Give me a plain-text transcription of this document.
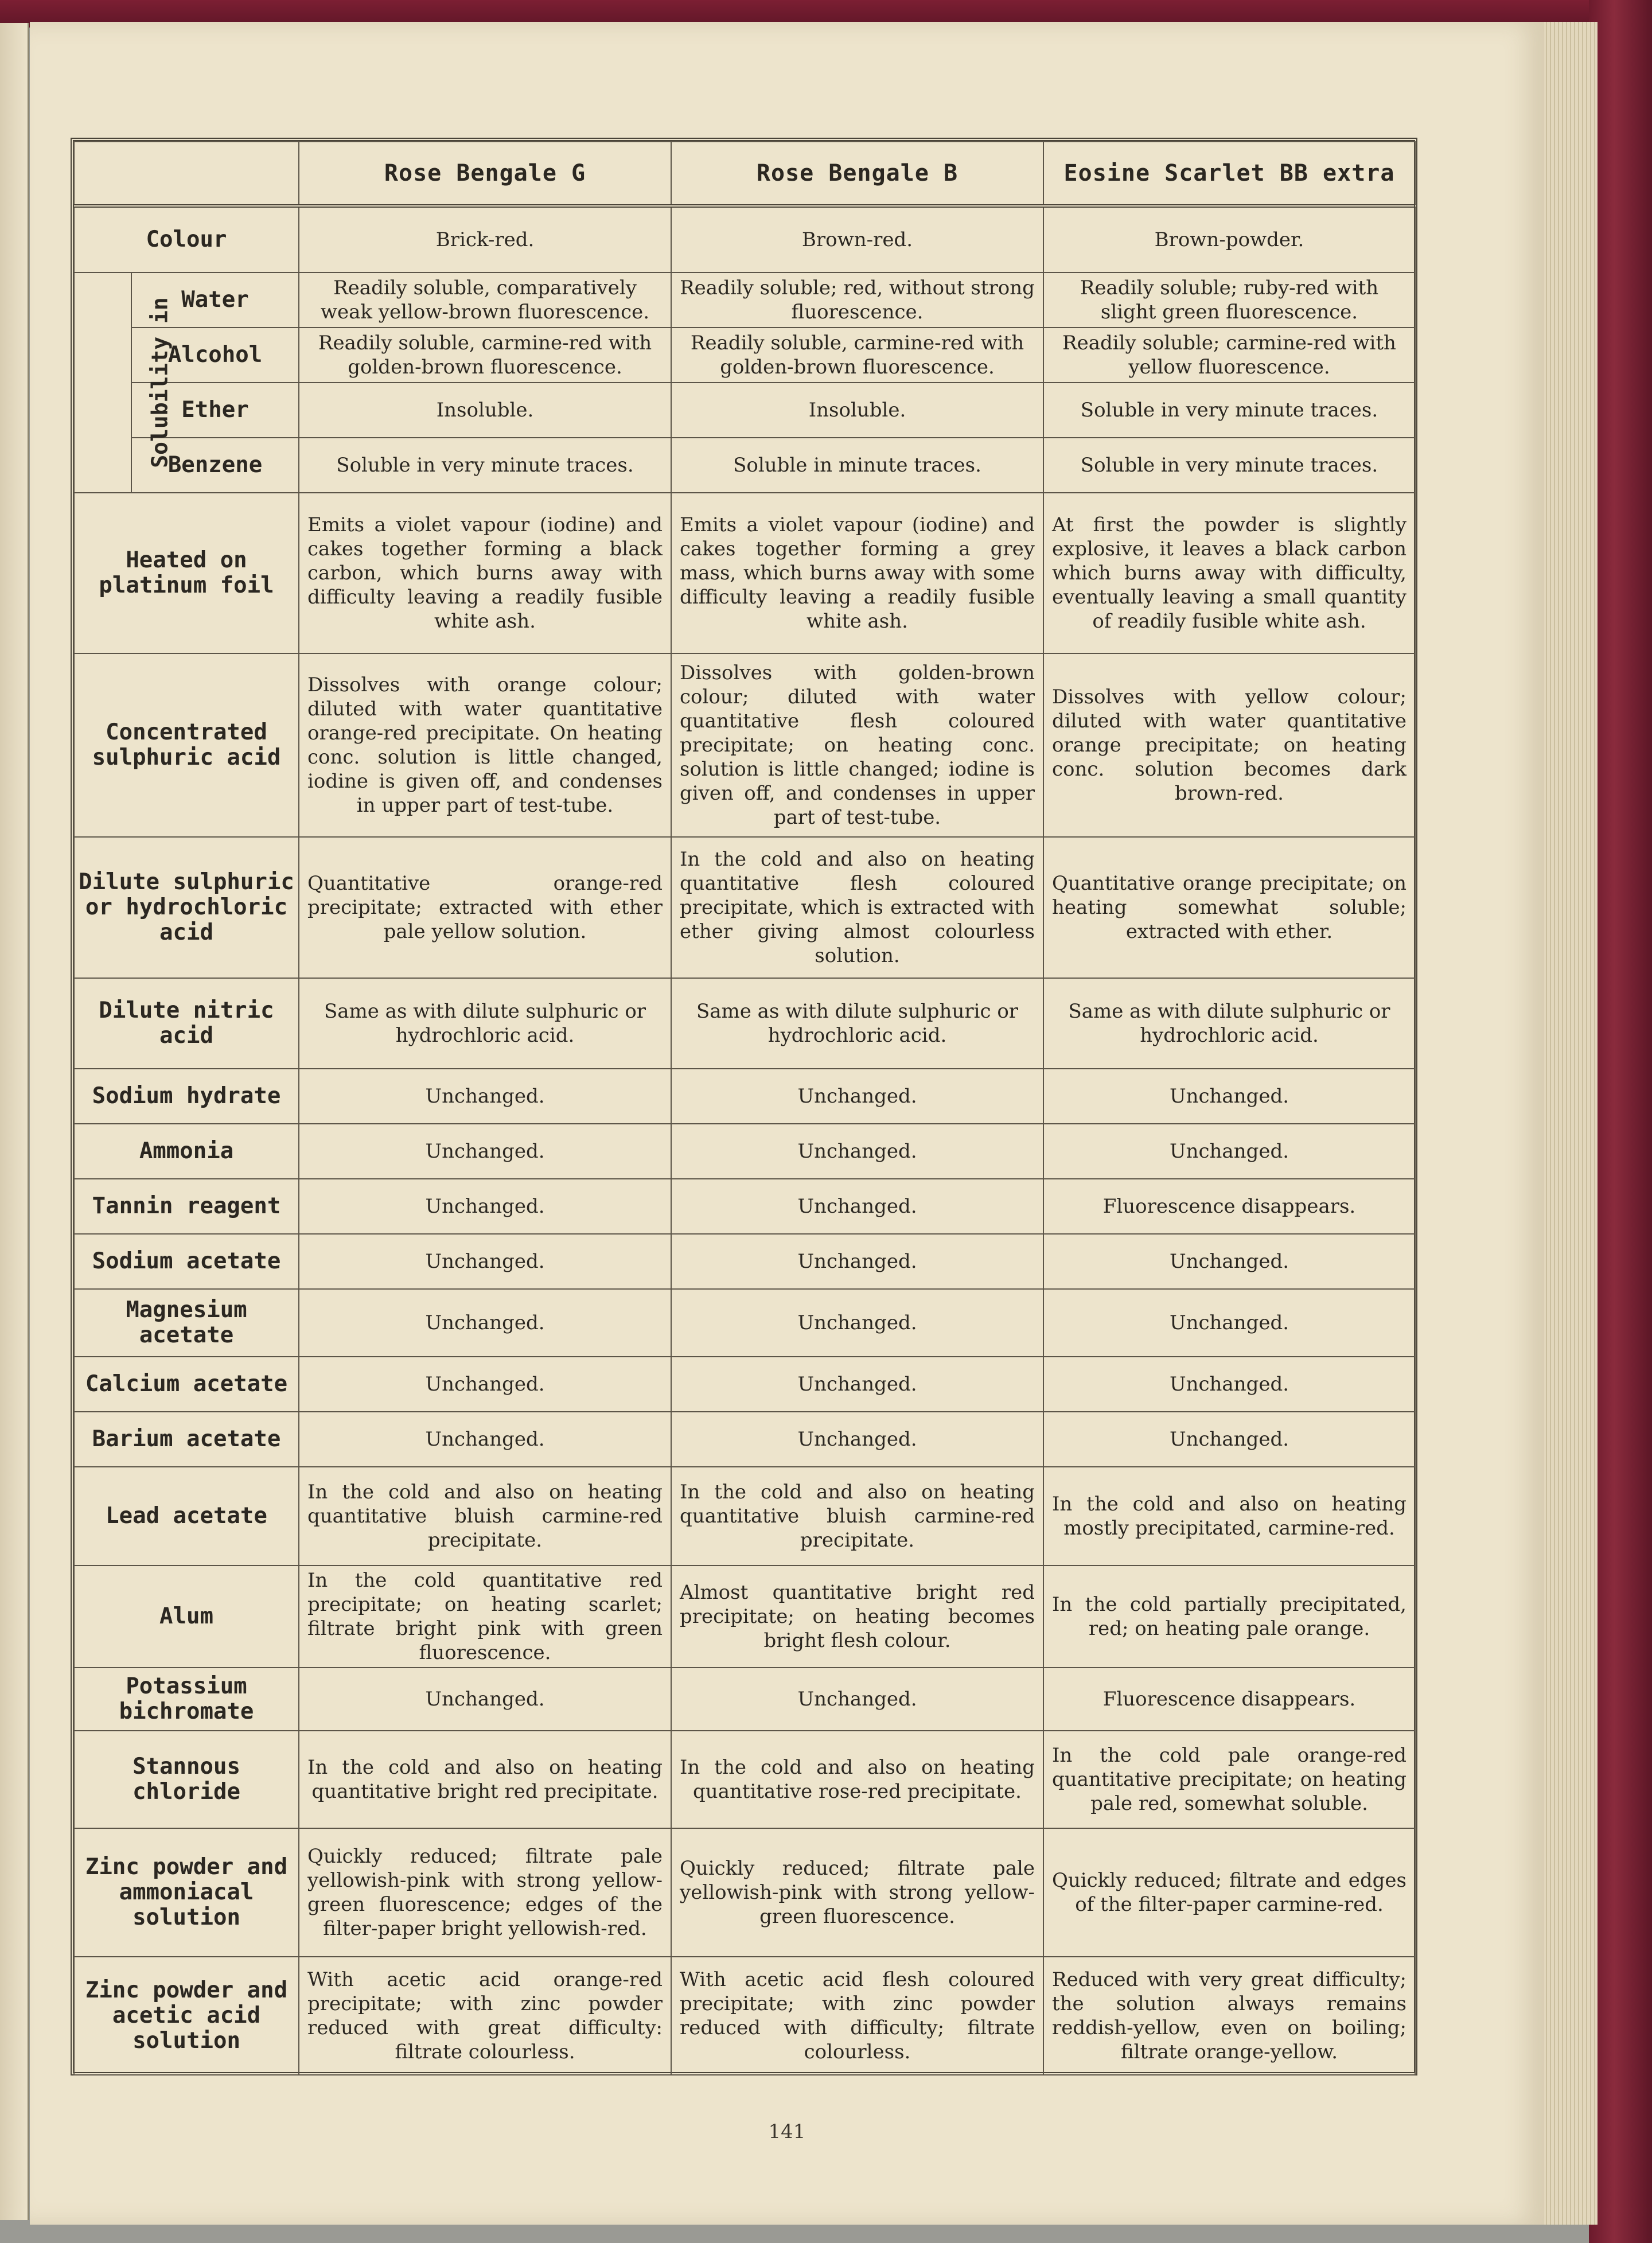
141
		Rose Bengale G	Rose Bengale B	Eosine Scarlet BB extra
Colour		Brick-red.	Brown-red.	Brown-powder.
Solubility in	Water	Readily soluble, comparatively weak yellow-brown fluorescence.	Readily soluble; red, without strong fluorescence.	Readily soluble; ruby-red with slight green fluorescence.
	Alcohol	Readily soluble, carmine-red with golden-brown fluorescence.	Readily soluble, carmine-red with golden-brown fluorescence.	Readily soluble; carmine-red with yellow fluorescence.
	Ether	Insoluble.	Insoluble.	Soluble in very minute traces.
	Benzene	Soluble in very minute traces.	Soluble in minute traces.	Soluble in very minute traces.
Heated on platinum foil		Emits a violet vapour (iodine) and cakes together forming a black carbon, which burns away with difficulty leaving a readily fusible white ash.	Emits a violet vapour (iodine) and cakes together forming a grey mass, which burns away with some difficulty leaving a readily fusible white ash.	At first the powder is slightly explosive, it leaves a black carbon which burns away with difficulty, eventually leaving a small quantity of readily fusible white ash.
Concentrated sulphuric acid		Dissolves with orange colour; diluted with water quantitative orange-red precipitate. On heating conc. solution is little changed, iodine is given off, and condenses in upper part of test-tube.	Dissolves with golden-brown colour; diluted with water quantitative flesh coloured precipitate; on heating conc. solution is little changed; iodine is given off, and condenses in upper part of test-tube.	Dissolves with yellow colour; diluted with water quantitative orange precipitate; on heating conc. solution becomes dark brown-red.
Dilute sulphuric or hydrochloric acid		Quantitative orange-red precipitate; extracted with ether pale yellow solution.	In the cold and also on heating quantitative flesh coloured precipitate, which is extracted with ether giving almost colourless solution.	Quantitative orange precipitate; on heating somewhat soluble; extracted with ether.
Dilute nitric acid		Same as with dilute sulphuric or hydrochloric acid.	Same as with dilute sulphuric or hydrochloric acid.	Same as with dilute sulphuric or hydrochloric acid.
Sodium hydrate		Unchanged.	Unchanged.	Unchanged.
Ammonia		Unchanged.	Unchanged.	Unchanged.
Tannin reagent		Unchanged.	Unchanged.	Fluorescence disappears.
Sodium acetate		Unchanged.	Unchanged.	Unchanged.
Magnesium acetate		Unchanged.	Unchanged.	Unchanged.
Calcium acetate		Unchanged.	Unchanged.	Unchanged.
Barium acetate		Unchanged.	Unchanged.	Unchanged.
Lead acetate		In the cold and also on heating quantitative bluish carmine-red precipitate.	In the cold and also on heating quantitative bluish carmine-red precipitate.	In the cold and also on heating mostly precipitated, carmine-red.
Alum		In the cold quantitative red precipitate; on heating scarlet; filtrate bright pink with green fluorescence.	Almost quantitative bright red precipitate; on heating becomes bright flesh colour.	In the cold partially precipitated, red; on heating pale orange.
Potassium bichromate		Unchanged.	Unchanged.	Fluorescence disappears.
Stannous chloride		In the cold and also on heating quantitative bright red precipitate.	In the cold and also on heating quantitative rose-red precipitate.	In the cold pale orange-red quantitative precipitate; on heating pale red, somewhat soluble.
Zinc powder and ammoniacal solution		Quickly reduced; filtrate pale yellowish-pink with strong yellow-green fluorescence; edges of the filter-paper bright yellowish-red.	Quickly reduced; filtrate pale yellowish-pink with strong yellow-green fluorescence.	Quickly reduced; filtrate and edges of the filter-paper carmine-red.
Zinc powder and acetic acid solution		With acetic acid orange-red precipitate; with zinc powder reduced with great difficulty: filtrate colourless.	With acetic acid flesh coloured precipitate; with zinc powder reduced with difficulty; filtrate colourless.	Reduced with very great difficulty; the solution always remains reddish-yellow, even on boiling; filtrate orange-yellow.
